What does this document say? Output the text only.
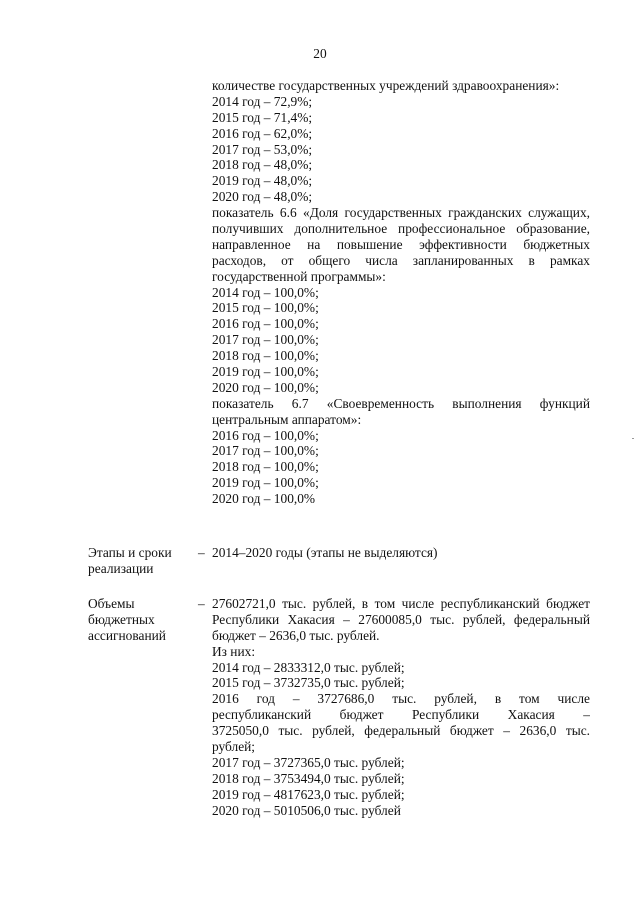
20
количестве государственных учреждений здравоохранения»:
2014 год – 72,9%;
2015 год – 71,4%;
2016 год – 62,0%;
2017 год – 53,0%;
2018 год – 48,0%;
2019 год – 48,0%;
2020 год – 48,0%;
показатель 6.6 «Доля государственных гражданских служащих,
получивших дополнительное профессиональное образование,
направленное на повышение эффективности бюджетных
расходов, от общего числа запланированных в рамках
государственной программы»:
2014 год – 100,0%;
2015 год – 100,0%;
2016 год – 100,0%;
2017 год – 100,0%;
2018 год – 100,0%;
2019 год – 100,0%;
2020 год – 100,0%;
показатель 6.7 «Своевременность выполнения функций
центральным аппаратом»:
2016 год – 100,0%;
2017 год – 100,0%;
2018 год – 100,0%;
2019 год – 100,0%;
2020 год – 100,0%
Этапы и сроки
реализации
– 2014–2020 годы (этапы не выделяются)
Объемы
бюджетных
ассигнований
– 27602721,0 тыс. рублей, в том числе республиканский бюджет
Республики Хакасия – 27600085,0 тыс. рублей, федеральный
бюджет – 2636,0 тыс. рублей.
Из них:
2014 год – 2833312,0 тыс. рублей;
2015 год – 3732735,0 тыс. рублей;
2016 год – 3727686,0 тыс. рублей, в том числе
республиканский бюджет Республики Хакасия –
3725050,0 тыс. рублей, федеральный бюджет – 2636,0 тыс.
рублей;
2017 год – 3727365,0 тыс. рублей;
2018 год – 3753494,0 тыс. рублей;
2019 год – 4817623,0 тыс. рублей;
2020 год – 5010506,0 тыс. рублей
